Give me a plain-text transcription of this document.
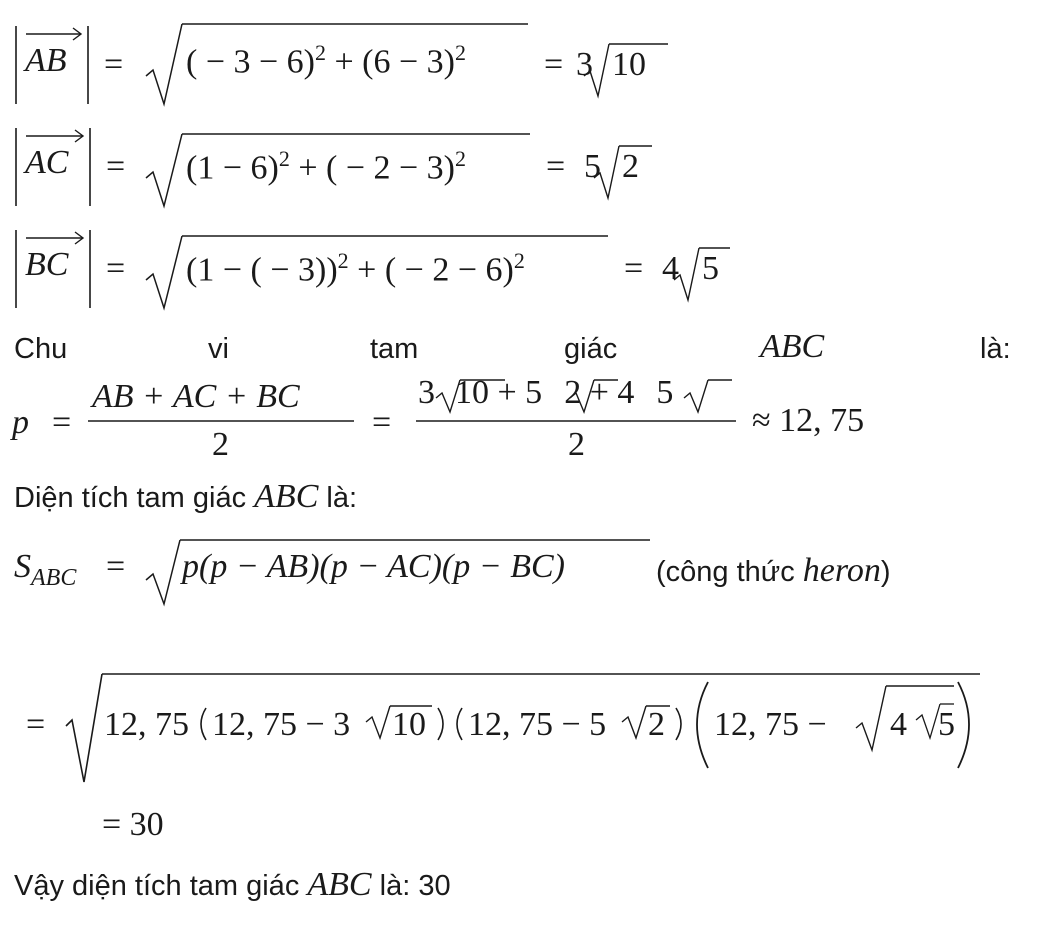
AB = ( − $3 - 6)^2 + (6 - 3)^2 = 3$ 10
AC = $(1 - 6)^2$ + ( − 2 − 3)$^2$ = 5 2
BC = (1 − ( − 3))$^2$ + ( − 2 − 6)$^2$	= 4 5
Chu	vi	tam	giác	ABC	là:
p =
AB + AC + BC
2
=
3 10 + 5 2 + 4 5
2
≈ 12, 75
Diện tích tam giác ABC là:
$S_{ABC} = p(p - AB)(p - AC)(p - BC)$	(công thức heron)
= 12, 75 12, 75 − 3 10 12, 75 − 5 2 12, 75 − 4 5
= 30
Vậy diện tích tam giác ABC là: 30
